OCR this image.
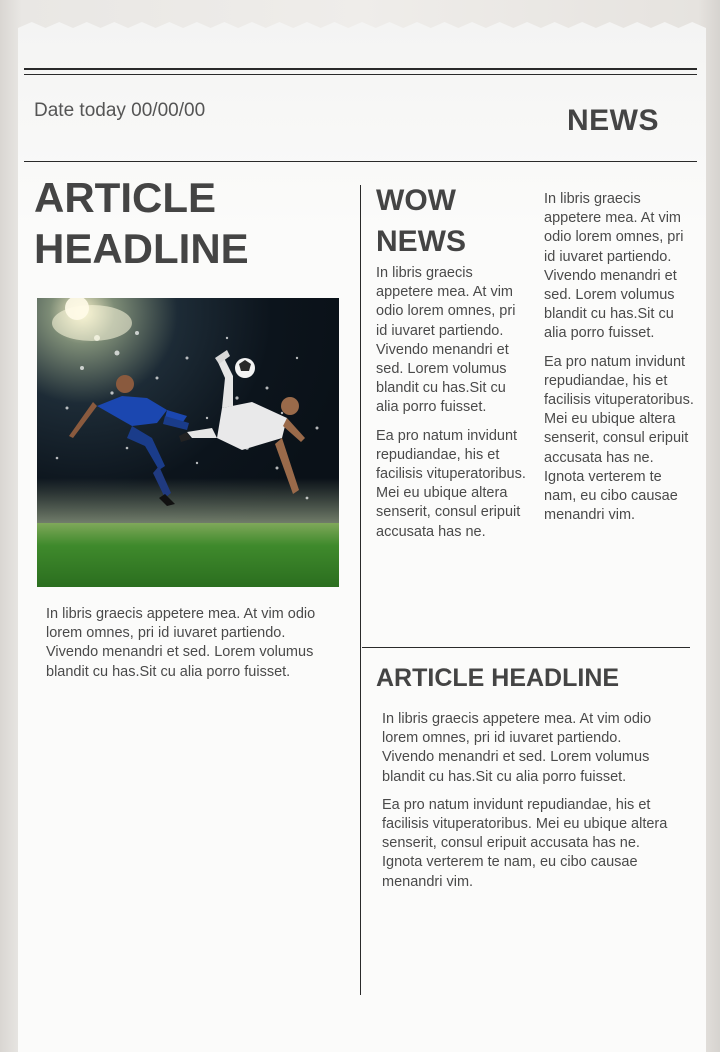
Date today 00/00/00	NEWS
ARTICLE HEADLINE

In libris graecis appetere mea. At vim odio lorem omnes, pri id iuvaret partiendo. Vivendo menandri et sed. Lorem volumus blandit cu has.Sit cu alia porro fuisset.

WOW NEWS

In libris graecis appetere mea. At vim odio lorem omnes, pri id iuvaret partiendo. Vivendo menandri et sed. Lorem volumus blandit cu has.Sit cu alia porro fuisset.

Ea pro natum invidunt repudiandae, his et facilisis vituperatoribus. Mei eu ubique altera senserit, consul eripuit accusata has ne.

In libris graecis appetere mea. At vim odio lorem omnes, pri id iuvaret partiendo. Vivendo menandri et sed. Lorem volumus blandit cu has.Sit cu alia porro fuisset.

Ea pro natum invidunt repudiandae, his et facilisis vituperatoribus. Mei eu ubique altera senserit, consul eripuit accusata has ne. Ignota verterem te nam, eu cibo causae menandri vim.

ARTICLE HEADLINE

In libris graecis appetere mea. At vim odio lorem omnes, pri id iuvaret partiendo. Vivendo menandri et sed. Lorem volumus blandit cu has.Sit cu alia porro fuisset.

Ea pro natum invidunt repudiandae, his et facilisis vituperatoribus. Mei eu ubique altera senserit, consul eripuit accusata has ne. Ignota verterem te nam, eu cibo causae menandri vim.
